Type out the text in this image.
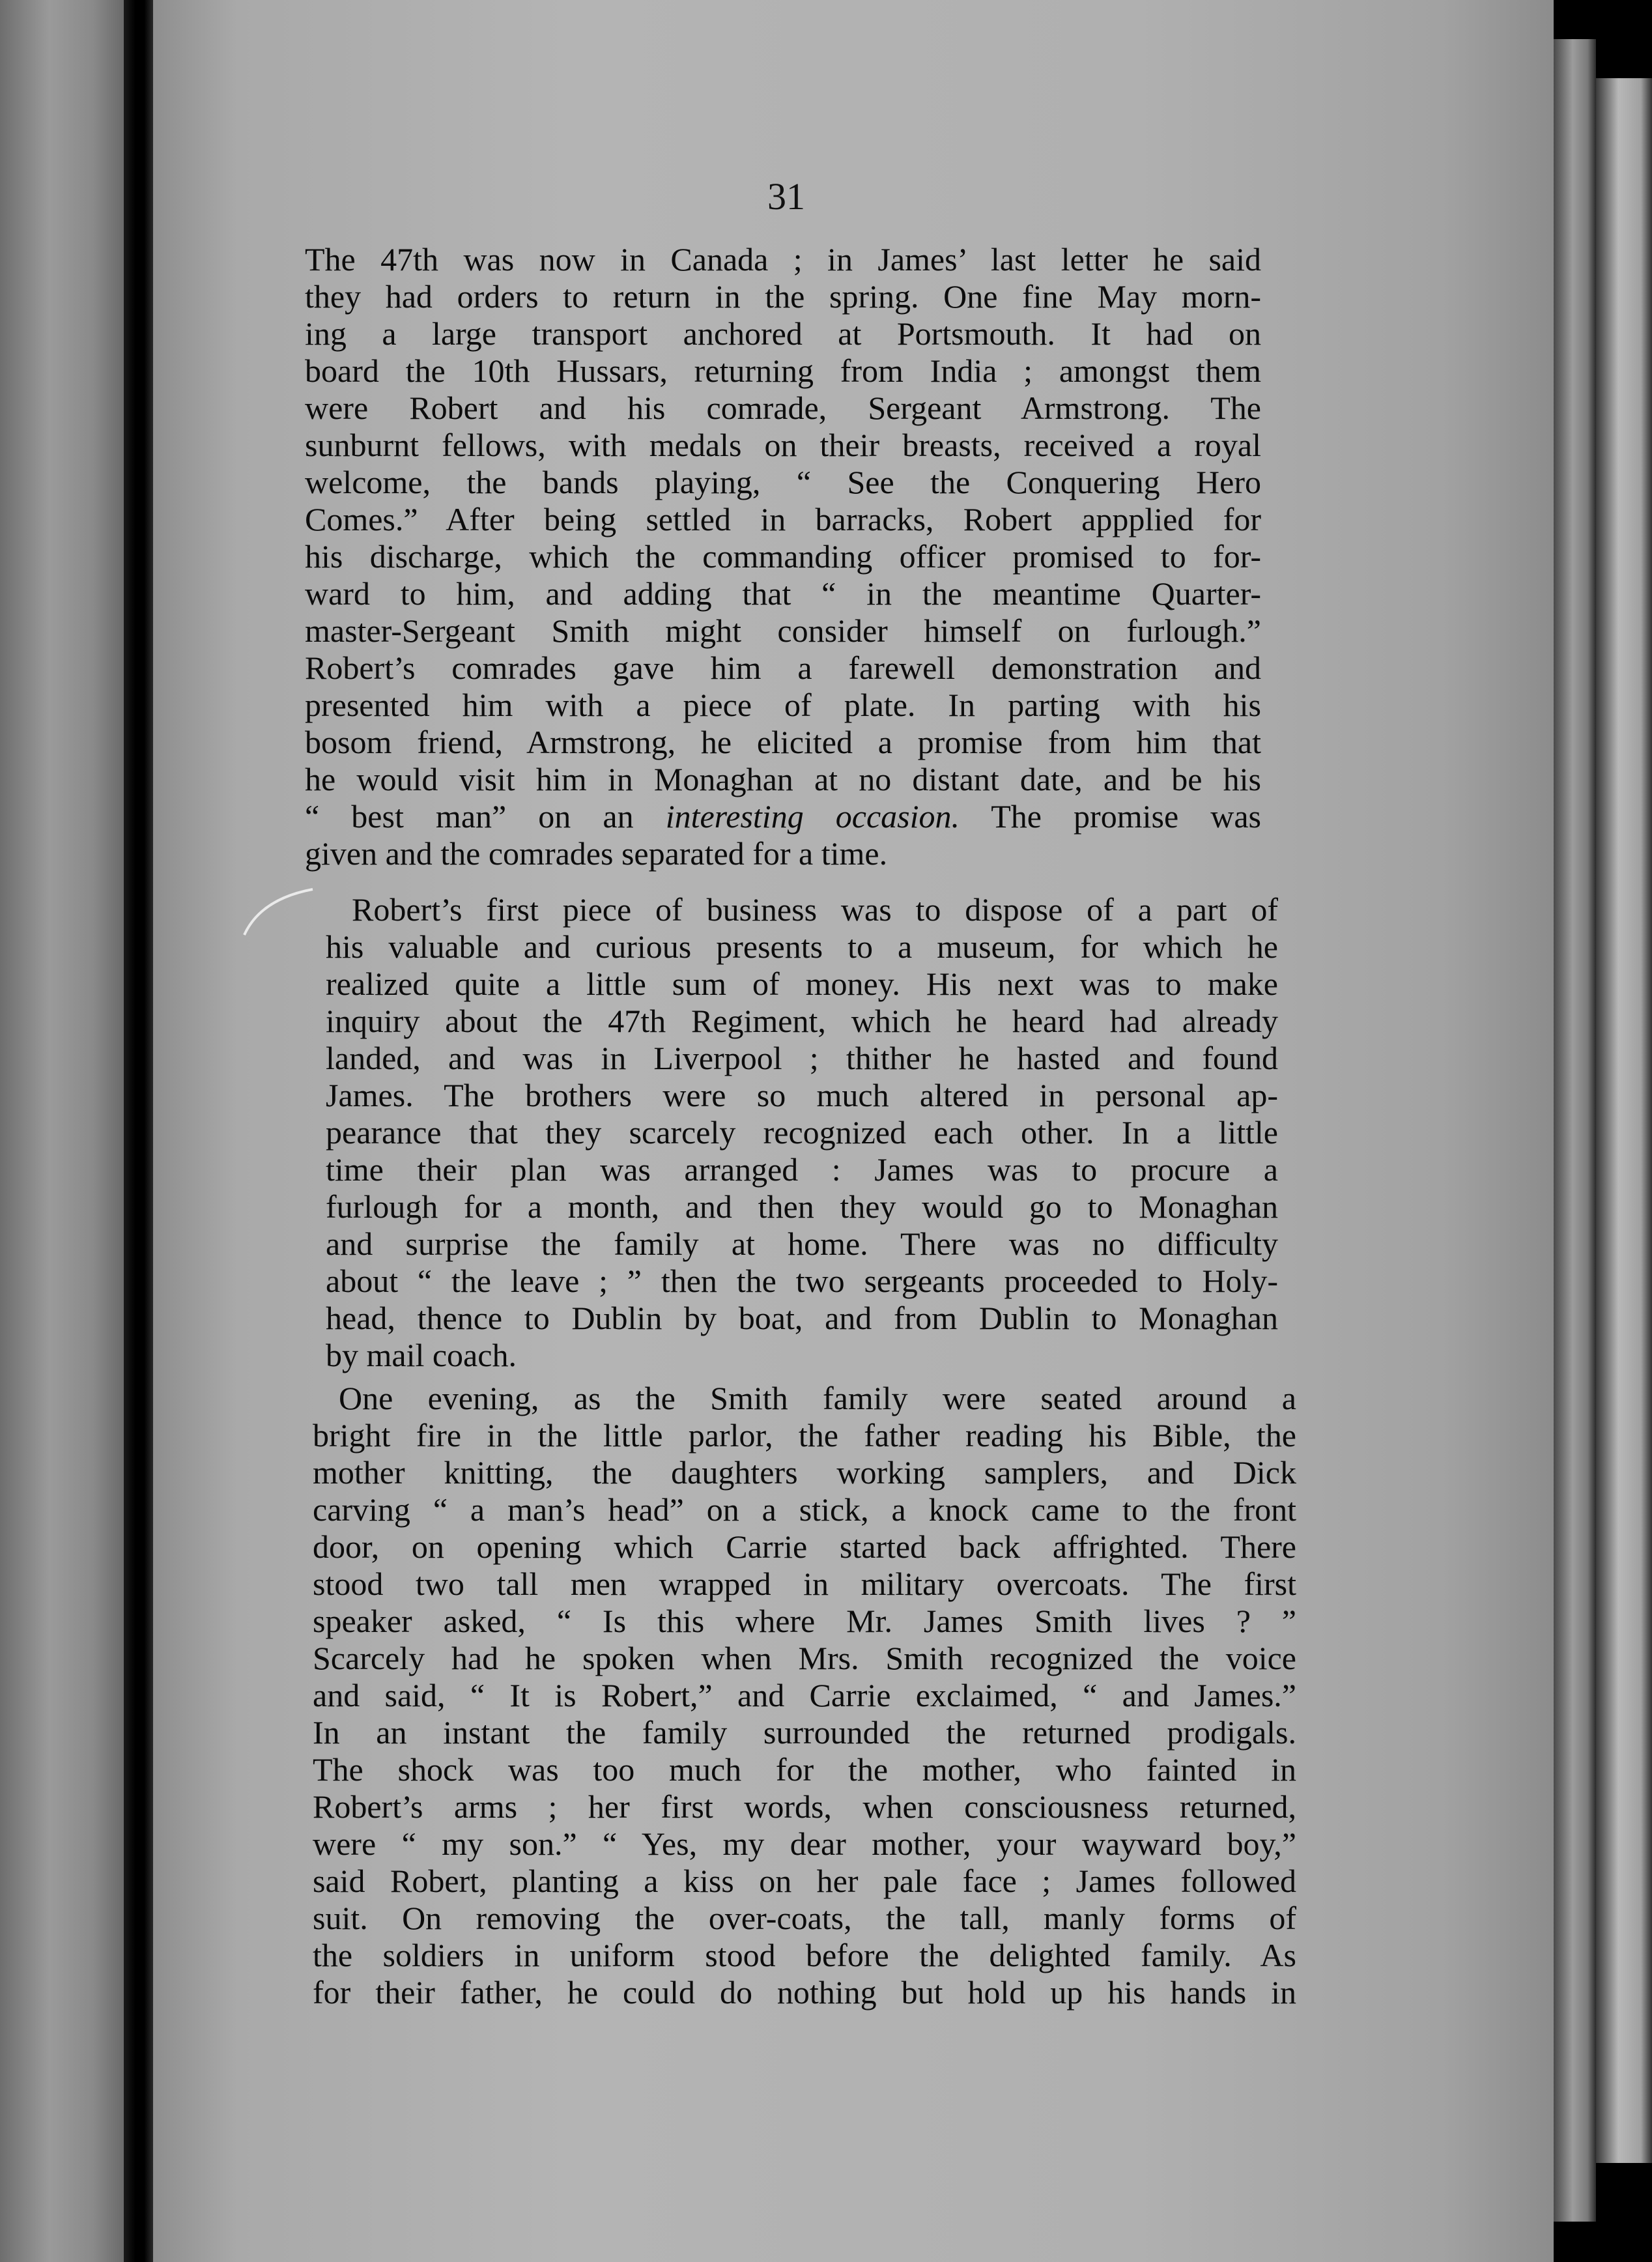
31

The 47th was now in Canada ; in James’ last letter he said
they had orders to return in the spring. One fine May morn-
ing a large transport anchored at Portsmouth. It had on
board the 10th Hussars, returning from India ; amongst them
were Robert and his comrade, Sergeant Armstrong. The
sunburnt fellows, with medals on their breasts, received a royal
welcome, the bands playing, “ See the Conquering Hero
Comes.” After being settled in barracks, Robert appplied for
his discharge, which the commanding officer promised to for-
ward to him, and adding that “ in the meantime Quarter-
master-Sergeant Smith might consider himself on furlough.”
Robert’s comrades gave him a farewell demonstration and
presented him with a piece of plate. In parting with his
bosom friend, Armstrong, he elicited a promise from him that
he would visit him in Monaghan at no distant date, and be his
“ best man” on an interesting occasion. The promise was
given and the comrades separated for a time.

Robert’s first piece of business was to dispose of a part of
his valuable and curious presents to a museum, for which he
realized quite a little sum of money. His next was to make
inquiry about the 47th Regiment, which he heard had already
landed, and was in Liverpool ; thither he hasted and found
James. The brothers were so much altered in personal ap-
pearance that they scarcely recognized each other. In a little
time their plan was arranged : James was to procure a
furlough for a month, and then they would go to Monaghan
and surprise the family at home. There was no difficulty
about “ the leave ; ” then the two sergeants proceeded to Holy-
head, thence to Dublin by boat, and from Dublin to Monaghan
by mail coach.

One evening, as the Smith family were seated around a
bright fire in the little parlor, the father reading his Bible, the
mother knitting, the daughters working samplers, and Dick
carving “ a man’s head” on a stick, a knock came to the front
door, on opening which Carrie started back affrighted. There
stood two tall men wrapped in military overcoats. The first
speaker asked, “ Is this where Mr. James Smith lives ? ”
Scarcely had he spoken when Mrs. Smith recognized the voice
and said, “ It is Robert,” and Carrie exclaimed, “ and James.”
In an instant the family surrounded the returned prodigals.
The shock was too much for the mother, who fainted in
Robert’s arms ; her first words, when consciousness returned,
were “ my son.” “ Yes, my dear mother, your wayward boy,”
said Robert, planting a kiss on her pale face ; James followed
suit. On removing the over-coats, the tall, manly forms of
the soldiers in uniform stood before the delighted family. As
for their father, he could do nothing but hold up his hands in
